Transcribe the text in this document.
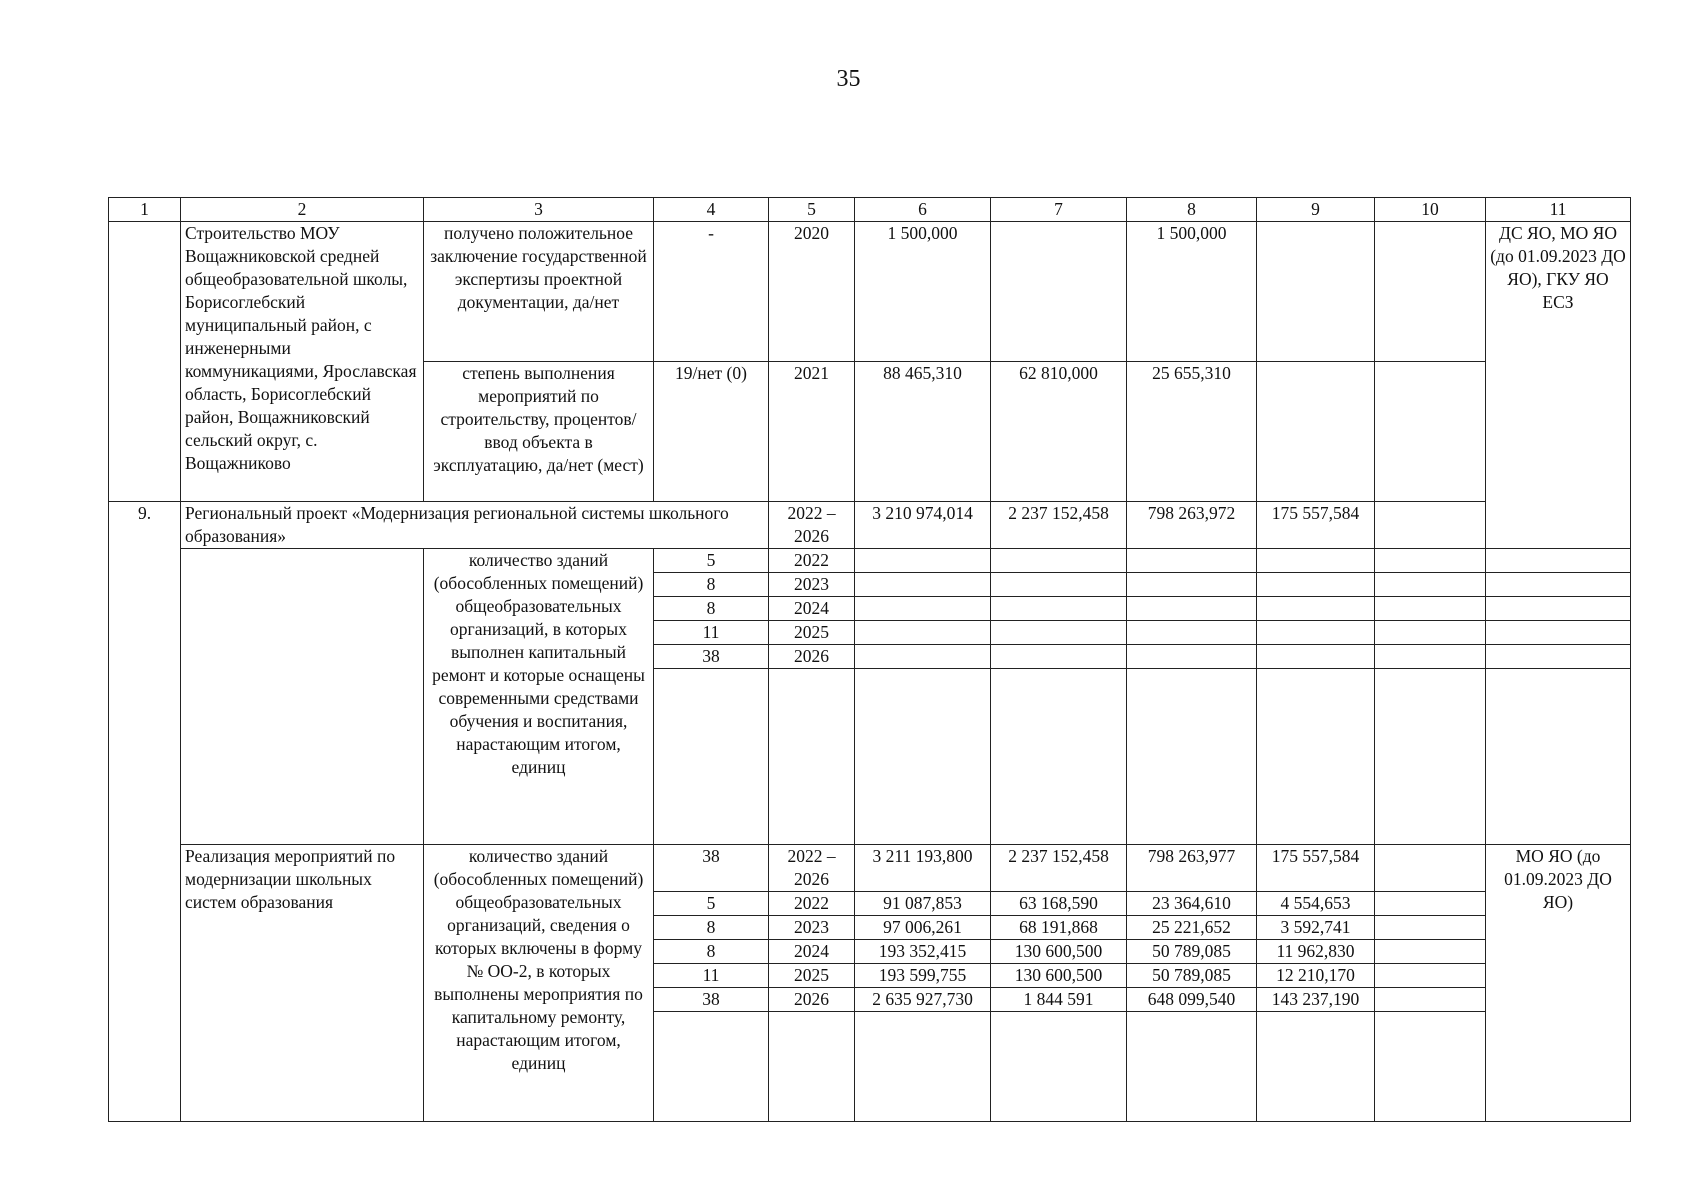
35
1	2	3	4	5	6	7	8	9	10	11
	Строительство МОУ Вощажниковской средней общеобразовательной школы, Борисоглебский муниципальный район, с инженерными коммуникациями, Ярославская область, Борисоглебский район, Вощажниковский сельский округ, с. Вощажниково	получено положительное заключение государственной экспертизы проектной документации, да/нет	-	2020	1 500,000		1 500,000			ДС ЯО, МО ЯО (до 01.09.2023 ДО ЯО), ГКУ ЯО ЕСЗ
		степень выполнения мероприятий по строительству, процентов/ ввод объекта в эксплуатацию, да/нет (мест)	19/нет (0)	2021	88 465,310	62 810,000	25 655,310			
9.	Региональный проект «Модернизация региональной системы школьного образования»			2022 – 2026	3 210 974,014	2 237 152,458	798 263,972	175 557,584		
		количество зданий (обособленных помещений) общеобразовательных организаций, в которых выполнен капитальный ремонт и которые оснащены современными средствами обучения и воспитания, нарастающим итогом, единиц	5	2022						
			8	2023						
			8	2024						
			11	2025						
			38	2026						

	Реализация мероприятий по модернизации школьных систем образования	количество зданий (обособленных помещений) общеобразовательных организаций, сведения о которых включены в форму № ОО-2, в которых выполнены мероприятия по капитальному ремонту, нарастающим итогом, единиц	38	2022 – 2026	3 211 193,800	2 237 152,458	798 263,977	175 557,584		МО ЯО (до 01.09.2023 ДО ЯО)
			5	2022	91 087,853	63 168,590	23 364,610	4 554,653		
			8	2023	97 006,261	68 191,868	25 221,652	3 592,741		
			8	2024	193 352,415	130 600,500	50 789,085	11 962,830		
			11	2025	193 599,755	130 600,500	50 789,085	12 210,170		
			38	2026	2 635 927,730	1 844 591	648 099,540	143 237,190		
